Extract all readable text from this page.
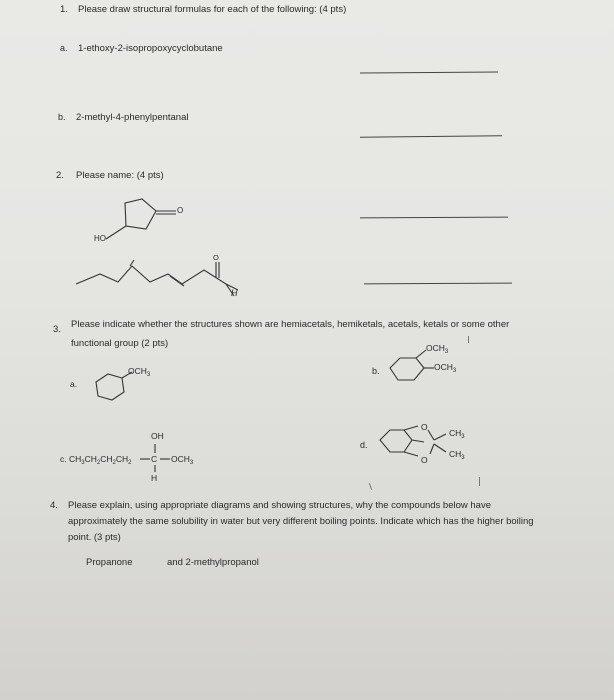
1. Please draw structural formulas for each of the following: (4 pts)
a. 1-ethoxy-2-isopropoxycyclobutane
b. 2-methyl-4-phenylpentanal
2. Please name: (4 pts)
O
HO
O
H
3. Please indicate whether the structures shown are hemiacetals, hemiketals, acetals, ketals or some other
functional group (2 pts)
a.
$OCH_3$	b.
$OCH_3$
$OCH_3$
c.
OH
$CH_3CH_2CH_2CH_2$ C $OCH_3$
H
d.
O
O
$CH_3$
$CH_3$
4. Please explain, using appropriate diagrams and showing structures, why the compounds below have
approximately the same solubility in water but very different boiling points. Indicate which has the higher boiling
point. (3 pts)
Propanone	and 2-methylpropanol
